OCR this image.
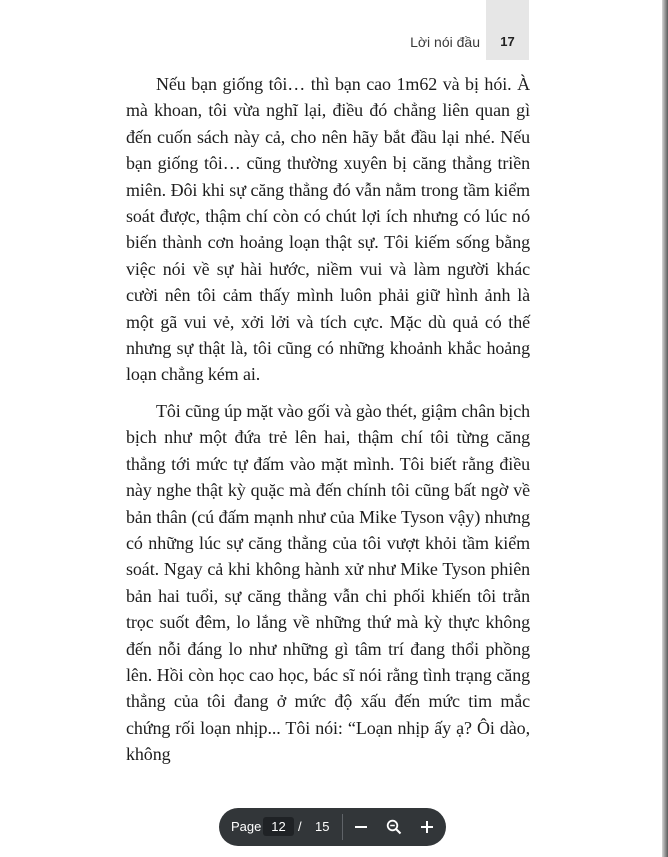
17
Lời nói đầu

Nếu bạn giống tôi… thì bạn cao 1m62 và bị hói. À mà khoan, tôi vừa nghĩ lại, điều đó chẳng liên quan gì đến cuốn sách này cả, cho nên hãy bắt đầu lại nhé. Nếu bạn giống tôi… cũng thường xuyên bị căng thẳng triền miên. Đôi khi sự căng thẳng đó vẫn nằm trong tầm kiểm soát được, thậm chí còn có chút lợi ích nhưng có lúc nó biến thành cơn hoảng loạn thật sự. Tôi kiếm sống bằng việc nói về sự hài hước, niềm vui và làm người khác cười nên tôi cảm thấy mình luôn phải giữ hình ảnh là một gã vui vẻ, xởi lởi và tích cực. Mặc dù quả có thế nhưng sự thật là, tôi cũng có những khoảnh khắc hoảng loạn chẳng kém ai.

Tôi cũng úp mặt vào gối và gào thét, giậm chân bịch bịch như một đứa trẻ lên hai, thậm chí tôi từng căng thẳng tới mức tự đấm vào mặt mình. Tôi biết rằng điều này nghe thật kỳ quặc mà đến chính tôi cũng bất ngờ về bản thân (cú đấm mạnh như của Mike Tyson vậy) nhưng có những lúc sự căng thẳng của tôi vượt khỏi tầm kiểm soát. Ngay cả khi không hành xử như Mike Tyson phiên bản hai tuổi, sự căng thẳng vẫn chi phối khiến tôi trằn trọc suốt đêm, lo lắng về những thứ mà kỳ thực không đến nỗi đáng lo như những gì tâm trí đang thổi phồng lên. Hồi còn học cao học, bác sĩ nói rằng tình trạng căng thẳng của tôi đang ở mức độ xấu đến mức tim mắc chứng rối loạn nhịp... Tôi nói: “Loạn nhịp ấy ạ? Ôi dào, không

Page
12	/ 15
